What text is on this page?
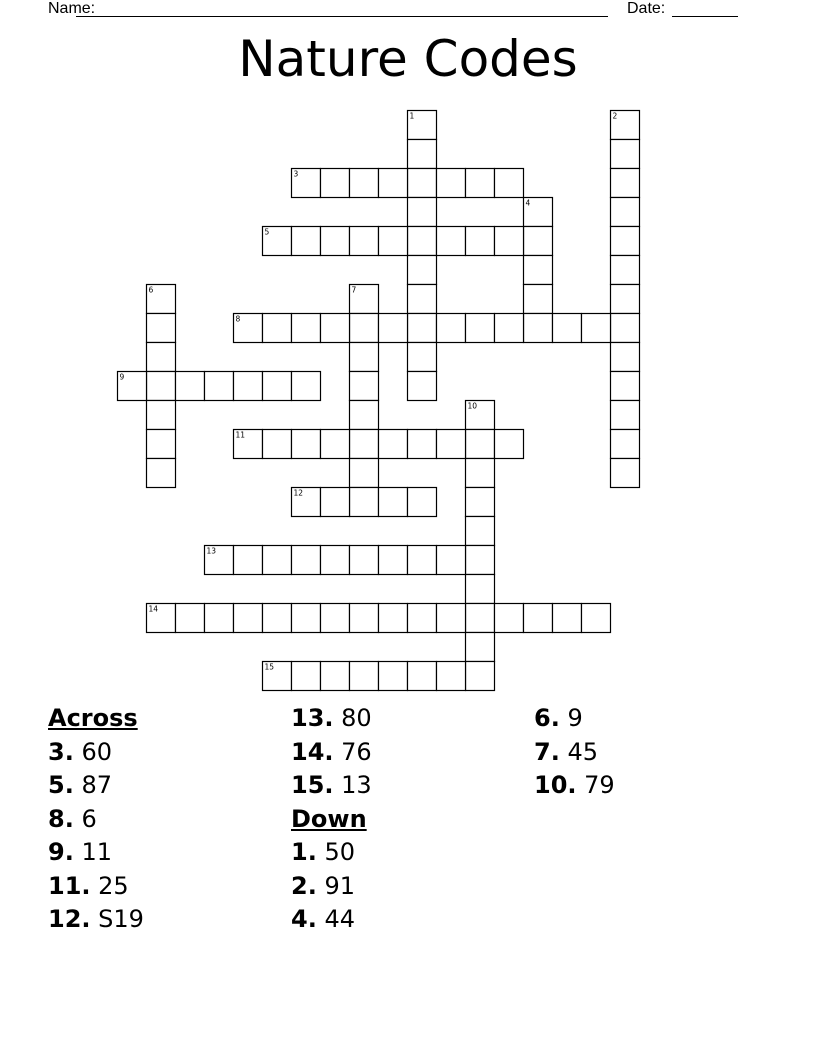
Name:	Date:
Nature Codes
1	2
3
4
5
6	7
8
9
10
11
12
13
14
15
Across
3. 60
5. 87
8. 6
9. 11
11. 25
12. S19
13. 80
14. 76
15. 13
Down
1. 50
2. 91
4. 44
6. 9
7. 45
10. 79
